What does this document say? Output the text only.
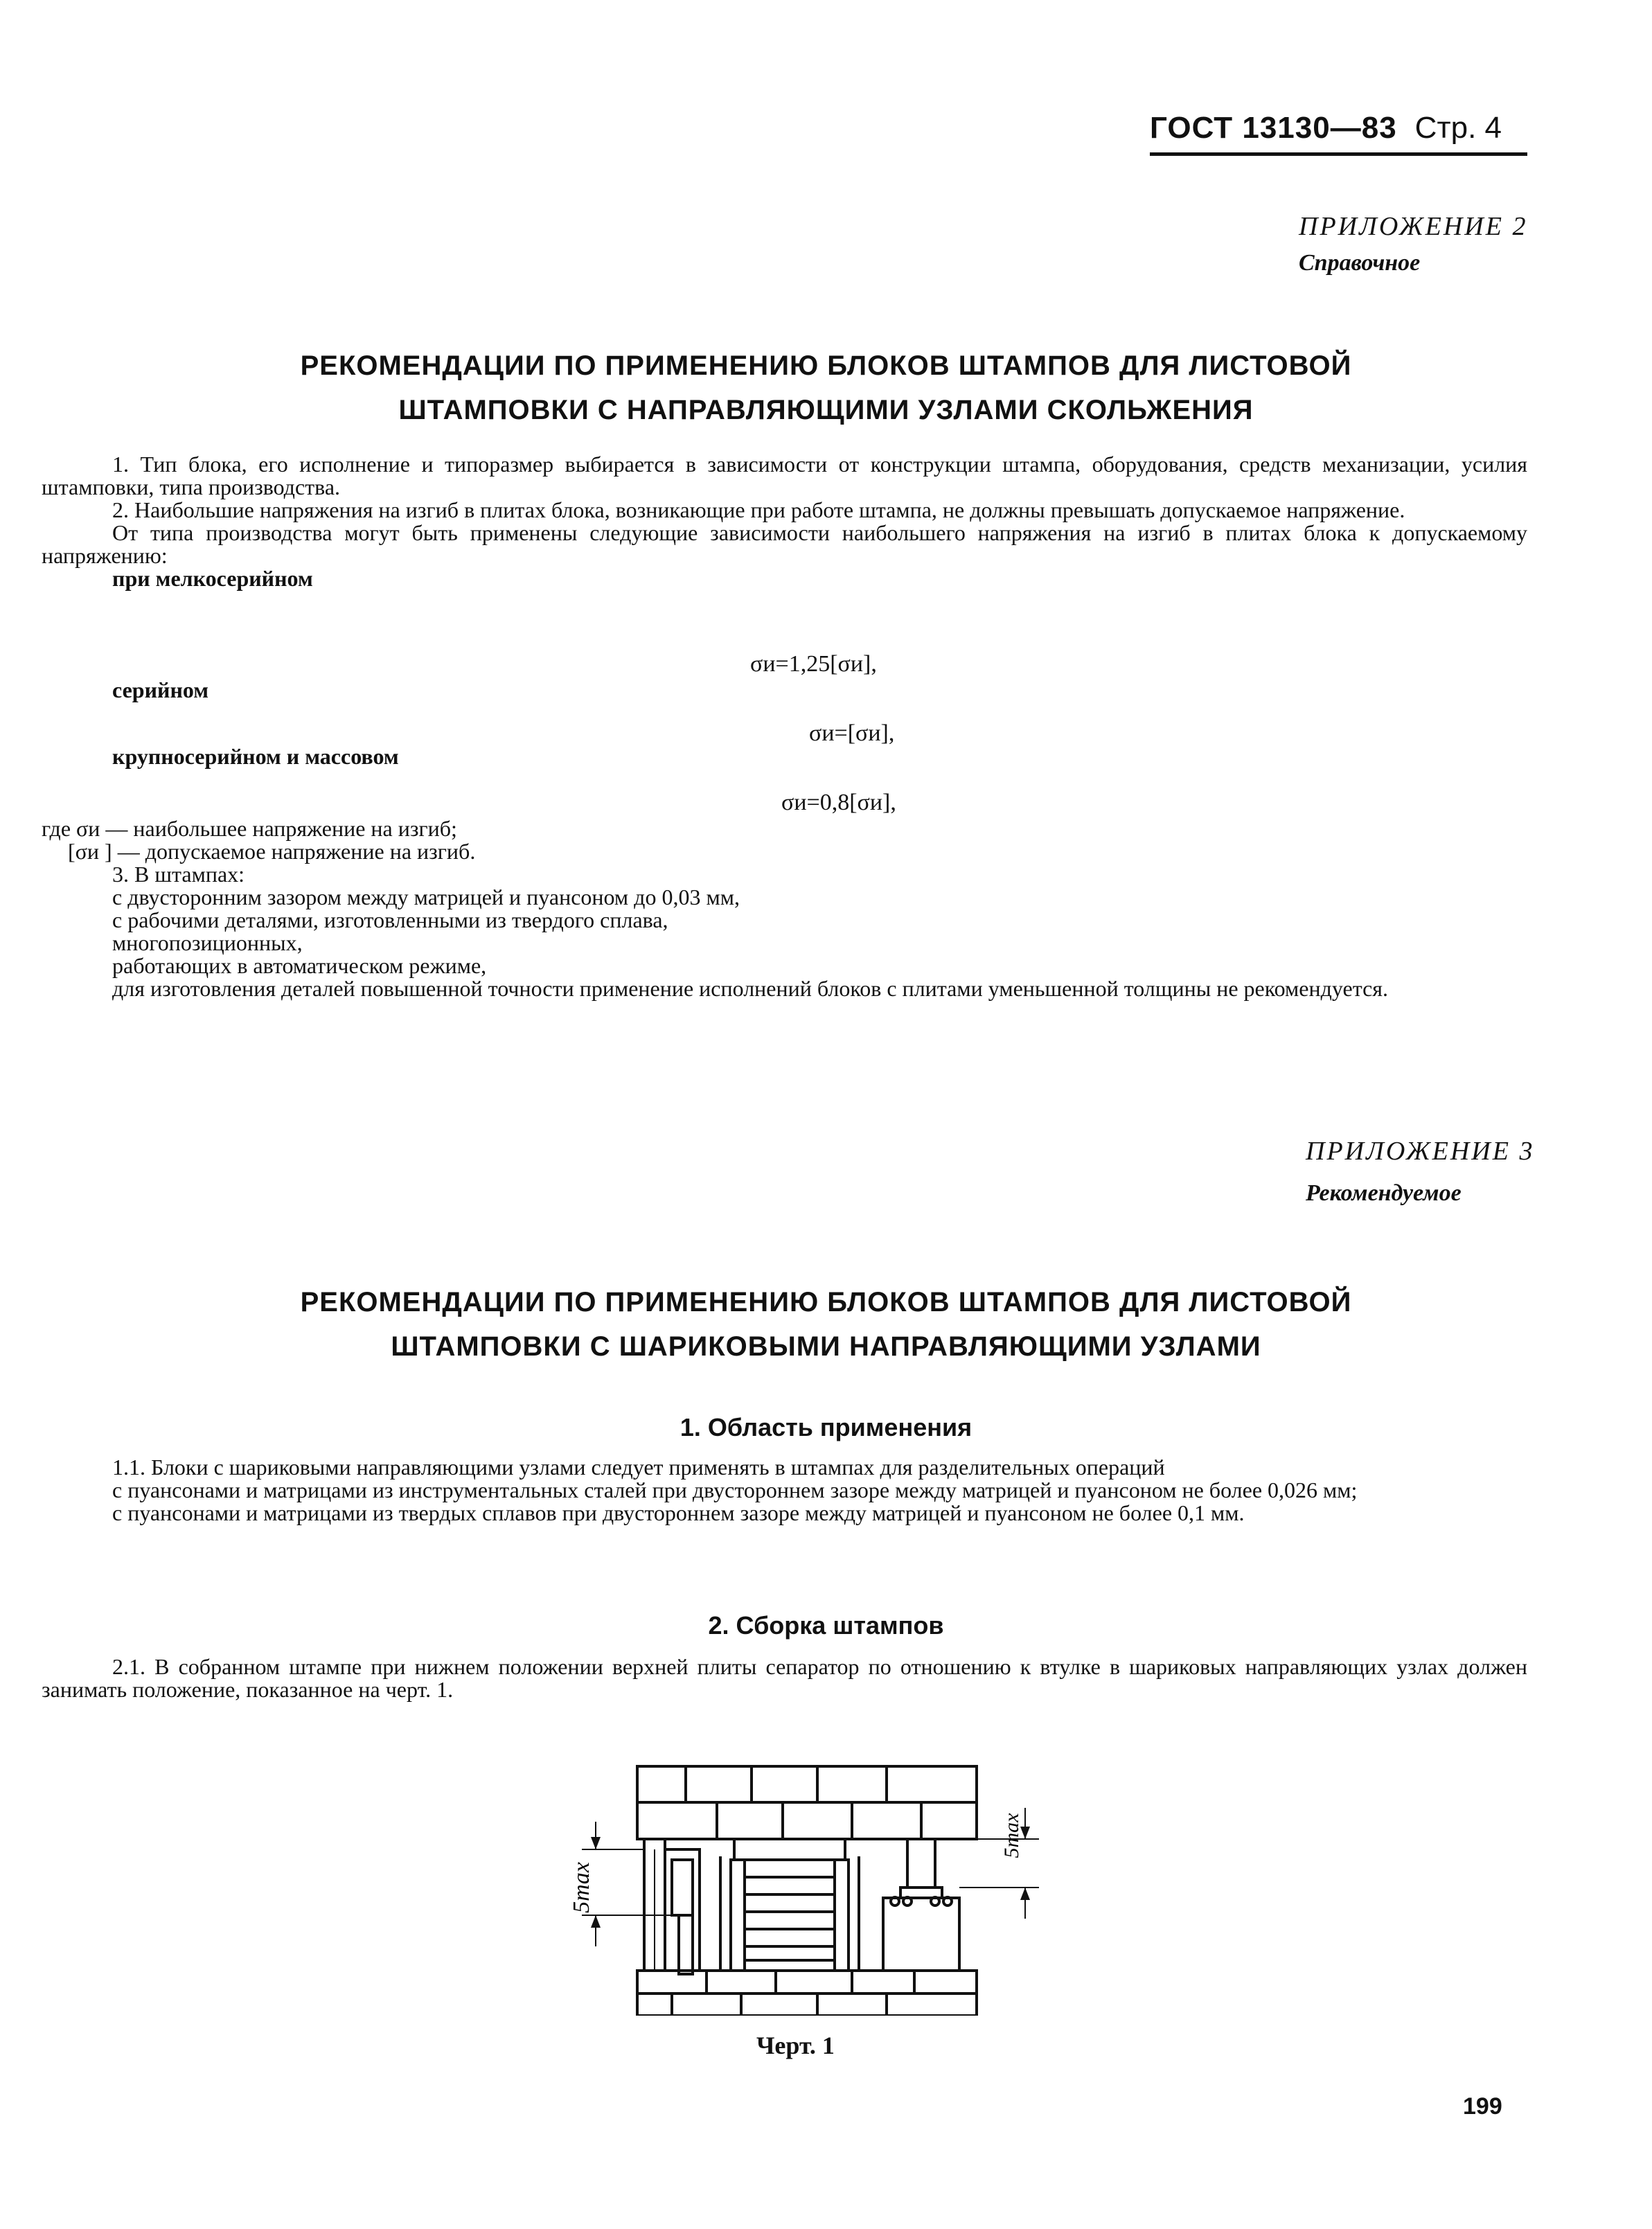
ГОСТ 13130—83 Стр. 4
ПРИЛОЖЕНИЕ 2
Справочное
РЕКОМЕНДАЦИИ ПО ПРИМЕНЕНИЮ БЛОКОВ ШТАМПОВ ДЛЯ ЛИСТОВОЙ
ШТАМПОВКИ С НАПРАВЛЯЮЩИМИ УЗЛАМИ СКОЛЬЖЕНИЯ

1. Тип блока, его исполнение и типоразмер выбирается в зависимости от конструкции штампа, оборудования, средств механизации, усилия штамповки, типа производства.

2. Наибольшие напряжения на изгиб в плитах блока, возникающие при работе штампа, не должны превышать допускаемое напряжение.

От типа производства могут быть применены следующие зависимости наибольшего напряжения на изгиб в плитах блока к допускаемому напряжению:

при мелкосерийном

σи=1,25[σи],

серийном

σи=[σи],

крупносерийном и массовом

σи=0,8[σи],

где σи — наибольшее напряжение на изгиб;

[σи ] — допускаемое напряжение на изгиб.

3. В штампах:

с двусторонним зазором между матрицей и пуансоном до 0,03 мм,

с рабочими деталями, изготовленными из твердого сплава,

многопозиционных,

работающих в автоматическом режиме,

для изготовления деталей повышенной точности применение исполнений блоков с плитами уменьшенной толщины не рекомендуется.

ПРИЛОЖЕНИЕ 3
Рекомендуемое
РЕКОМЕНДАЦИИ ПО ПРИМЕНЕНИЮ БЛОКОВ ШТАМПОВ ДЛЯ ЛИСТОВОЙ
ШТАМПОВКИ С ШАРИКОВЫМИ НАПРАВЛЯЮЩИМИ УЗЛАМИ
1. Область применения

1.1. Блоки с шариковыми направляющими узлами следует применять в штампах для разделительных операций

с пуансонами и матрицами из инструментальных сталей при двустороннем зазоре между матрицей и пуансоном не более 0,026 мм;

с пуансонами и матрицами из твердых сплавов при двустороннем зазоре между матрицей и пуансоном не более 0,1 мм.

2. Сборка штампов

2.1. В собранном штампе при нижнем положении верхней плиты сепаратор по отношению к втулке в шариковых направляющих узлах должен занимать положение, показанное на черт. 1.

5max
5max
Черт. 1
199
